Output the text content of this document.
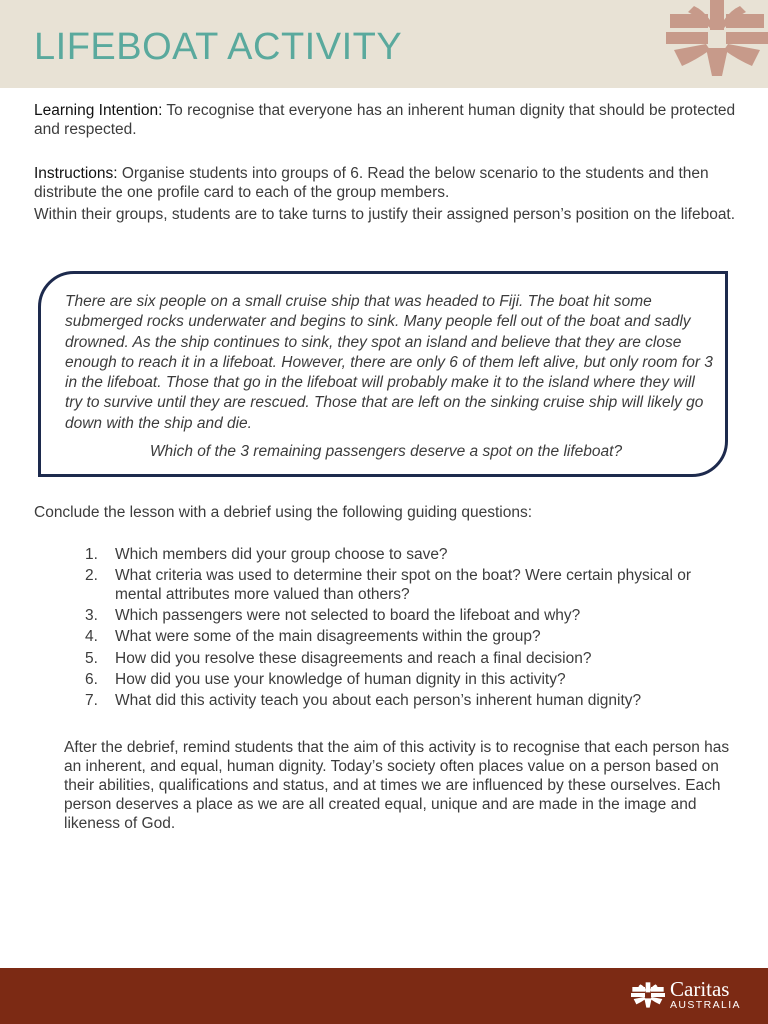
LIFEBOAT ACTIVITY

Learning Intention: To recognise that everyone has an inherent human dignity that should be protected and respected.

Instructions: Organise students into groups of 6. Read the below scenario to the students and then distribute the one profile card to each of the group members.

Within their groups, students are to take turns to justify their assigned person’s position on the lifeboat.

There are six people on a small cruise ship that was headed to Fiji. The boat hit some submerged rocks underwater and begins to sink. Many people fell out of the boat and sadly drowned. As the ship continues to sink, they spot an island and believe that they are close enough to reach it in a lifeboat. However, there are only 6 of them left alive, but only room for 3 in the lifeboat. Those that go in the lifeboat will probably make it to the island where they will try to survive until they are rescued. Those that are left on the sinking cruise ship will likely go down with the ship and die.
Which of the 3 remaining passengers deserve a spot on the lifeboat?

Conclude the lesson with a debrief using the following guiding questions:

1. Which members did your group choose to save?
2. What criteria was used to determine their spot on the boat? Were certain physical or mental attributes more valued than others?
3. Which passengers were not selected to board the lifeboat and why?
4. What were some of the main disagreements within the group?
5. How did you resolve these disagreements and reach a final decision?
6. How did you use your knowledge of human dignity in this activity?
7. What did this activity teach you about each person’s inherent human dignity?

After the debrief, remind students that the aim of this activity is to recognise that each person has an inherent, and equal, human dignity. Today’s society often places value on a person based on their abilities, qualifications and status, and at times we are influenced by these ourselves. Each person deserves a place as we are all created equal, unique and are made in the image and likeness of God.

Caritas
AUSTRALIA
